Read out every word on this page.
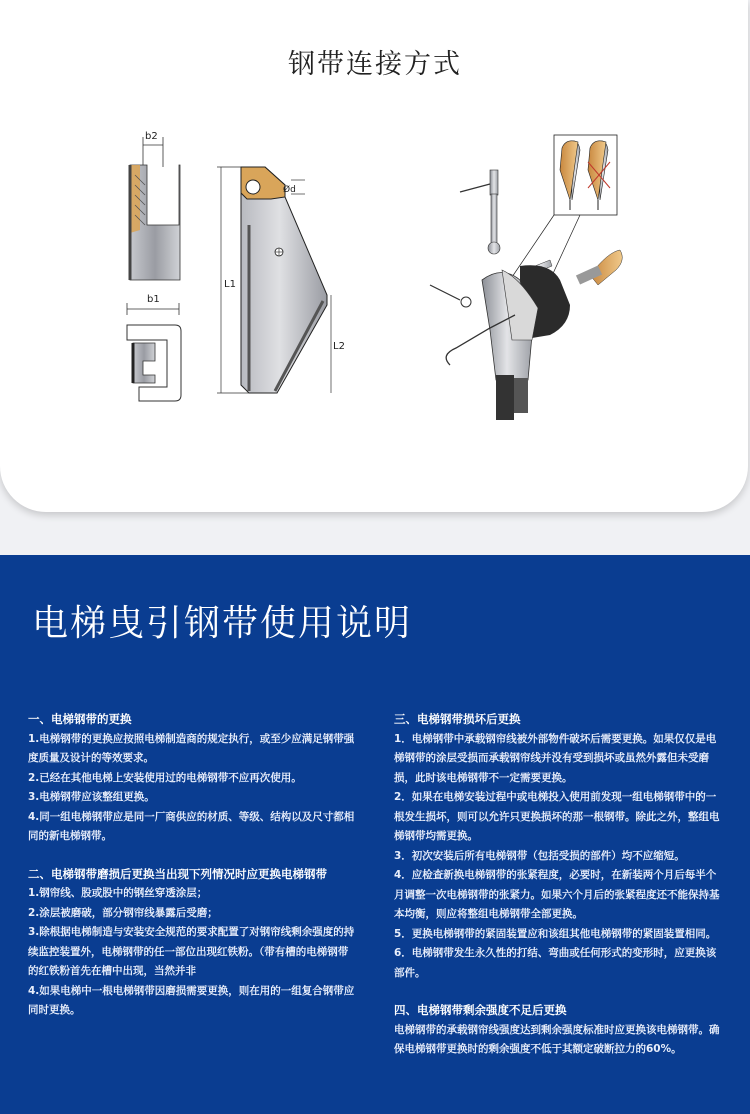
钢带连接方式
b2
b1
L1
Ød
L2
电梯曳引钢带使用说明

一、电梯钢带的更换

1.电梯钢带的更换应按照电梯制造商的规定执行，或至少应满足钢带强度质量及设计的等效要求。

2.已经在其他电梯上安装使用过的电梯钢带不应再次使用。

3.电梯钢带应该整组更换。

4.同一组电梯钢带应是同一厂商供应的材质、等级、结构以及尺寸都相同的新电梯钢带。

二、电梯钢带磨损后更换当出现下列情况时应更换电梯钢带

1.钢帘线、股或股中的钢丝穿透涂层；

2.涂层被磨破，部分钢帘线暴露后受磨；

3.除根据电梯制造与安装安全规范的要求配置了对钢帘线剩余强度的持续监控装置外，电梯钢带的任一部位出现红铁粉。（带有槽的电梯钢带的红铁粉首先在槽中出现，当然并非

4.如果电梯中一根电梯钢带因磨损需要更换，则在用的一组复合钢带应同时更换。

三、电梯钢带损坏后更换

1．电梯钢带中承载钢帘线被外部物件破坏后需要更换。如果仅仅是电梯钢带的涂层受损而承载钢帘线并没有受到损坏或虽然外露但未受磨损，此时该电梯钢带不一定需要更换。

2．如果在电梯安装过程中或电梯投入使用前发现一组电梯钢带中的一根发生损坏，则可以允许只更换损坏的那一根钢带。除此之外，整组电梯钢带均需更换。

3．初次安装后所有电梯钢带（包括受损的部件）均不应缩短。

4．应检查新换电梯钢带的张紧程度，必要时，在新装两个月后每半个月调整一次电梯钢带的张紧力。如果六个月后的张紧程度还不能保持基本均衡，则应将整组电梯钢带全部更换。

5．更换电梯钢带的紧固装置应和该组其他电梯钢带的紧固装置相同。

6．电梯钢带发生永久性的打结、弯曲或任何形式的变形时，应更换该部件。

四、电梯钢带剩余强度不足后更换

电梯钢带的承载钢帘线强度达到剩余强度标准时应更换该电梯钢带。确保电梯钢带更换时的剩余强度不低于其额定破断拉力的60%。
